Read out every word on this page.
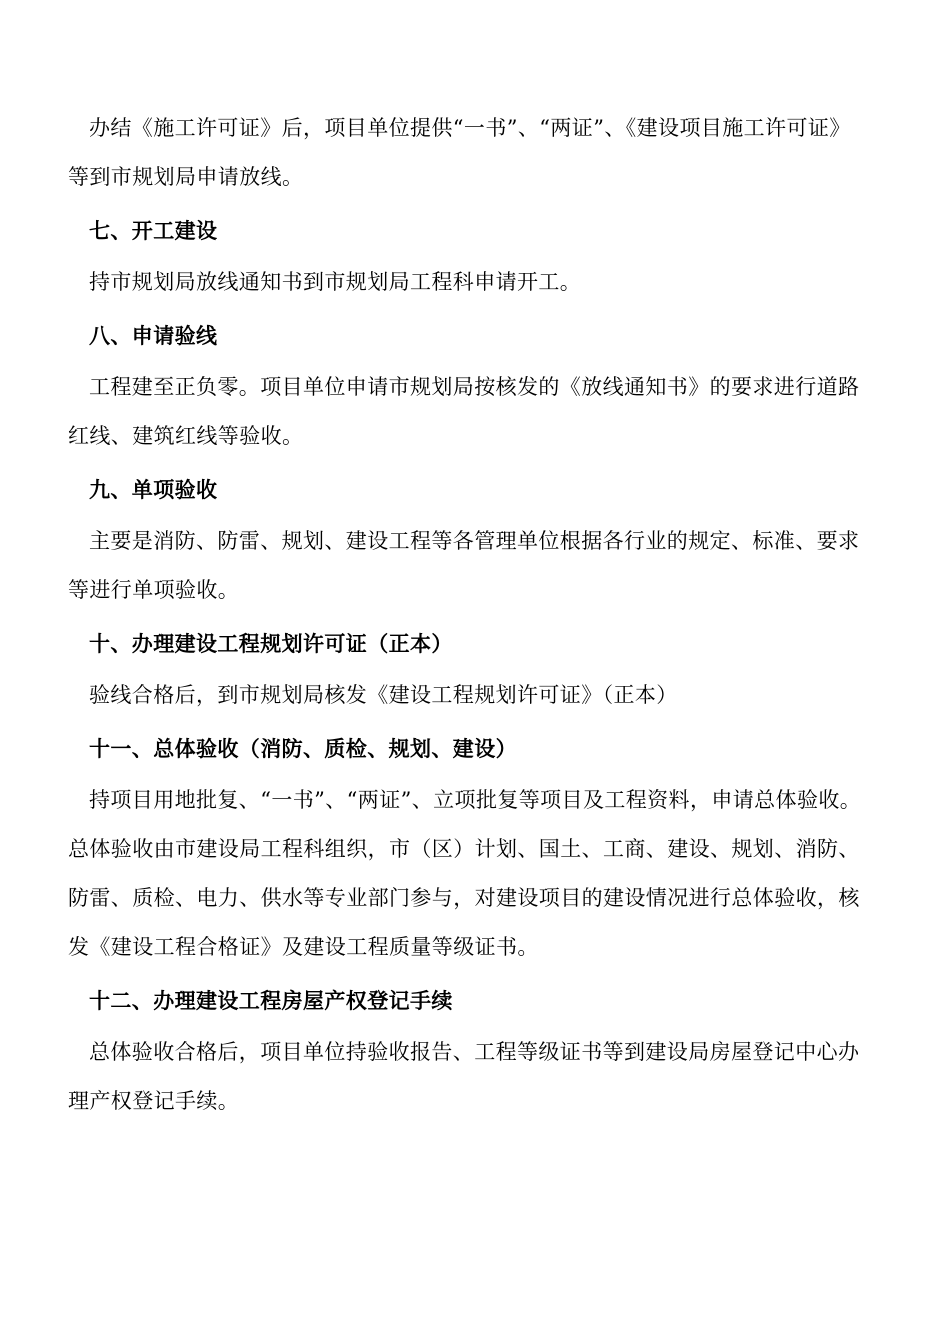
办结《施工许可证》后，项目单位提供“一书”、“两证”、《建设项目施工许可证》等到市规划局申请放线。

七、开工建设

持市规划局放线通知书到市规划局工程科申请开工。

八、申请验线

工程建至正负零。项目单位申请市规划局按核发的《放线通知书》的要求进行道路红线、建筑红线等验收。

九、单项验收

主要是消防、防雷、规划、建设工程等各管理单位根据各行业的规定、标准、要求等进行单项验收。

十、办理建设工程规划许可证（正本）

验线合格后，到市规划局核发《建设工程规划许可证》（正本）

十一、总体验收（消防、质检、规划、建设）

持项目用地批复、“一书”、“两证”、立项批复等项目及工程资料，申请总体验收。总体验收由市建设局工程科组织，市（区）计划、国土、工商、建设、规划、消防、防雷、质检、电力、供水等专业部门参与，对建设项目的建设情况进行总体验收，核发《建设工程合格证》及建设工程质量等级证书。

十二、办理建设工程房屋产权登记手续

总体验收合格后，项目单位持验收报告、工程等级证书等到建设局房屋登记中心办理产权登记手续。
